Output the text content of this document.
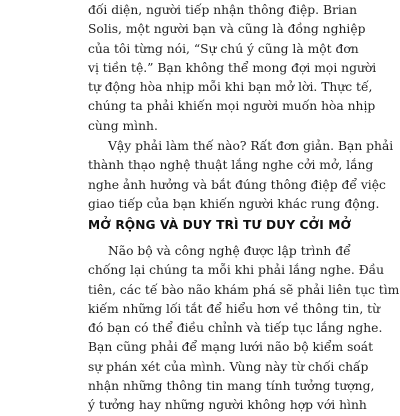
đối diện, người tiếp nhận thông điệp. Brian
Solis, một người bạn và cũng là đồng nghiệp
của tôi từng nói, “Sự chú ý cũng là một đơn
vị tiền tệ.” Bạn không thể mong đợi mọi người
tự động hòa nhịp mỗi khi bạn mở lời. Thực tế,
chúng ta phải khiến mọi người muốn hòa nhịp
cùng mình.
Vậy phải làm thế nào? Rất đơn giản. Bạn phải
thành thạo nghệ thuật lắng nghe cởi mở, lắng
nghe ảnh hưởng và bắt đúng thông điệp để việc
giao tiếp của bạn khiến người khác rung động.
MỞ RỘNG VÀ DUY TRÌ TƯ DUY CỞI MỞ
Não bộ và công nghệ được lập trình để
chống lại chúng ta mỗi khi phải lắng nghe. Đầu
tiên, các tế bào não khám phá sẽ phải liên tục tìm
kiếm những lối tắt để hiểu hơn về thông tin, từ
đó bạn có thể điều chỉnh và tiếp tục lắng nghe.
Bạn cũng phải để mạng lưới não bộ kiểm soát
sự phán xét của mình. Vùng này từ chối chấp
nhận những thông tin mang tính tưởng tượng,
ý tưởng hay những người không hợp với hình
